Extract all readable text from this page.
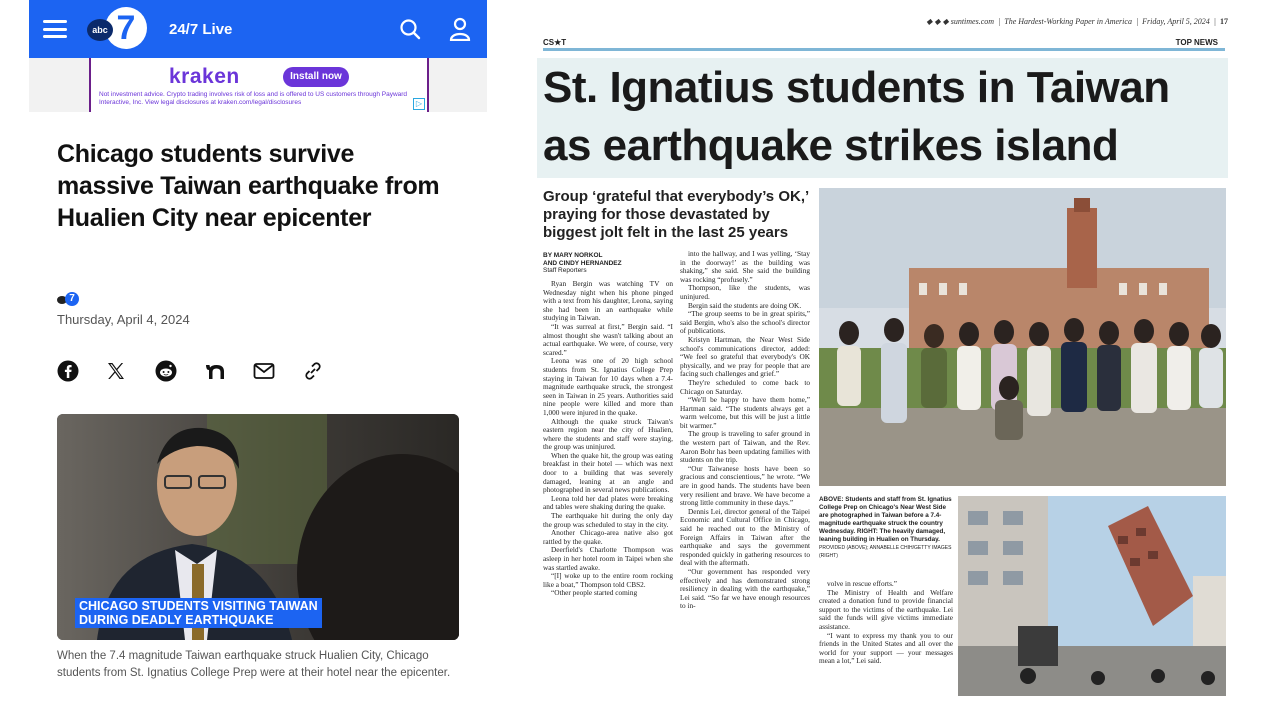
7
abc	24/7 Live
kraken	Install now
Not investment advice. Crypto trading involves risk of loss and is offered to US customers through Payward Interactive, Inc. View legal disclosures at kraken.com/legal/disclosures	▷
Chicago students survive massive Taiwan earthquake from Hualien City near epicenter
7
Thursday, April 4, 2024
CHICAGO STUDENTS VISITING TAIWAN
DURING DEADLY EARTHQUAKE

When the 7.4 magnitude Taiwan earthquake struck Hualien City, Chicago students from St. Ignatius College Prep were at their hotel near the epicenter.

◆ ◆ ◆ suntimes.com  |  The Hardest-Working Paper in America  |  Friday, April 5, 2024  |  17
CS★T	TOP NEWS
St. Ignatius students in Taiwan
as earthquake strikes island
Group ‘grateful that everybody’s OK,’ praying for those devastated by biggest jolt felt in the last 25 years
BY MARY NORKOL
AND CINDY HERNANDEZ
Staff Reporters

Ryan Bergin was watching TV on Wednesday night when his phone pinged with a text from his daughter, Leona, saying she had been in an earthquake while studying in Taiwan.

“It was surreal at first,” Bergin said. “I almost thought she wasn't talking about an actual earthquake. We were, of course, very scared.”

Leona was one of 20 high school students from St. Ignatius College Prep staying in Taiwan for 10 days when a 7.4-magnitude earthquake struck, the strongest seen in Taiwan in 25 years. Authorities said nine people were killed and more than 1,000 were injured in the quake.

Although the quake struck Taiwan's eastern region near the city of Hualien, where the students and staff were staying, the group was uninjured.

When the quake hit, the group was eating breakfast in their hotel — which was next door to a building that was severely damaged, leaning at an angle and photographed in several news publications.

Leona told her dad plates were breaking and tables were shaking during the quake.

The earthquake hit during the only day the group was scheduled to stay in the city.

Another Chicago-area native also got rattled by the quake.

Deerfield's Charlotte Thompson was asleep in her hotel room in Taipei when she was startled awake.

“[I] woke up to the entire room rocking like a boat,” Thompson told CBS2.

“Other people started coming

into the hallway, and I was yelling, ‘Stay in the doorway!’ as the building was shaking,” she said. She said the building was rocking “profusely.”

Thompson, like the students, was uninjured.

Bergin said the students are doing OK.

“The group seems to be in great spirits,” said Bergin, who's also the school's director of publications.

Kristyn Hartman, the Near West Side school's communications director, added: “We feel so grateful that everybody's OK physically, and we pray for people that are facing such challenges and grief.”

They're scheduled to come back to Chicago on Saturday.

“We'll be happy to have them home,” Hartman said. “The students always get a warm welcome, but this will be just a little bit warmer.”

The group is traveling to safer ground in the western part of Taiwan, and the Rev. Aaron Bohr has been updating families with students on the trip.

“Our Taiwanese hosts have been so gracious and conscientious,” he wrote. “We are in good hands. The students have been very resilient and brave. We have become a strong little community in these days.”

Dennis Lei, director general of the Taipei Economic and Cultural Office in Chicago, said he reached out to the Ministry of Foreign Affairs in Taiwan after the earthquake and says the government responded quickly in gathering resources to deal with the aftermath.

“Our government has responded very effectively and has demonstrated strong resiliency in dealing with the earthquake,” Lei said. “So far we have enough resources to in-

ABOVE: Students and staff from St. Ignatius College Prep on Chicago's Near West Side are photographed in Taiwan before a 7.4-magnitude earthquake struck the country Wednesday. RIGHT: The heavily damaged, leaning building in Hualien on Thursday. PROVIDED (ABOVE); ANNABELLE CHIH/GETTY IMAGES (RIGHT)

volve in rescue efforts.”

The Ministry of Health and Welfare created a donation fund to provide financial support to the victims of the earthquake. Lei said the funds will give victims immediate assistance.

“I want to express my thank you to our friends in the United States and all over the world for your support — your messages mean a lot,” Lei said.
